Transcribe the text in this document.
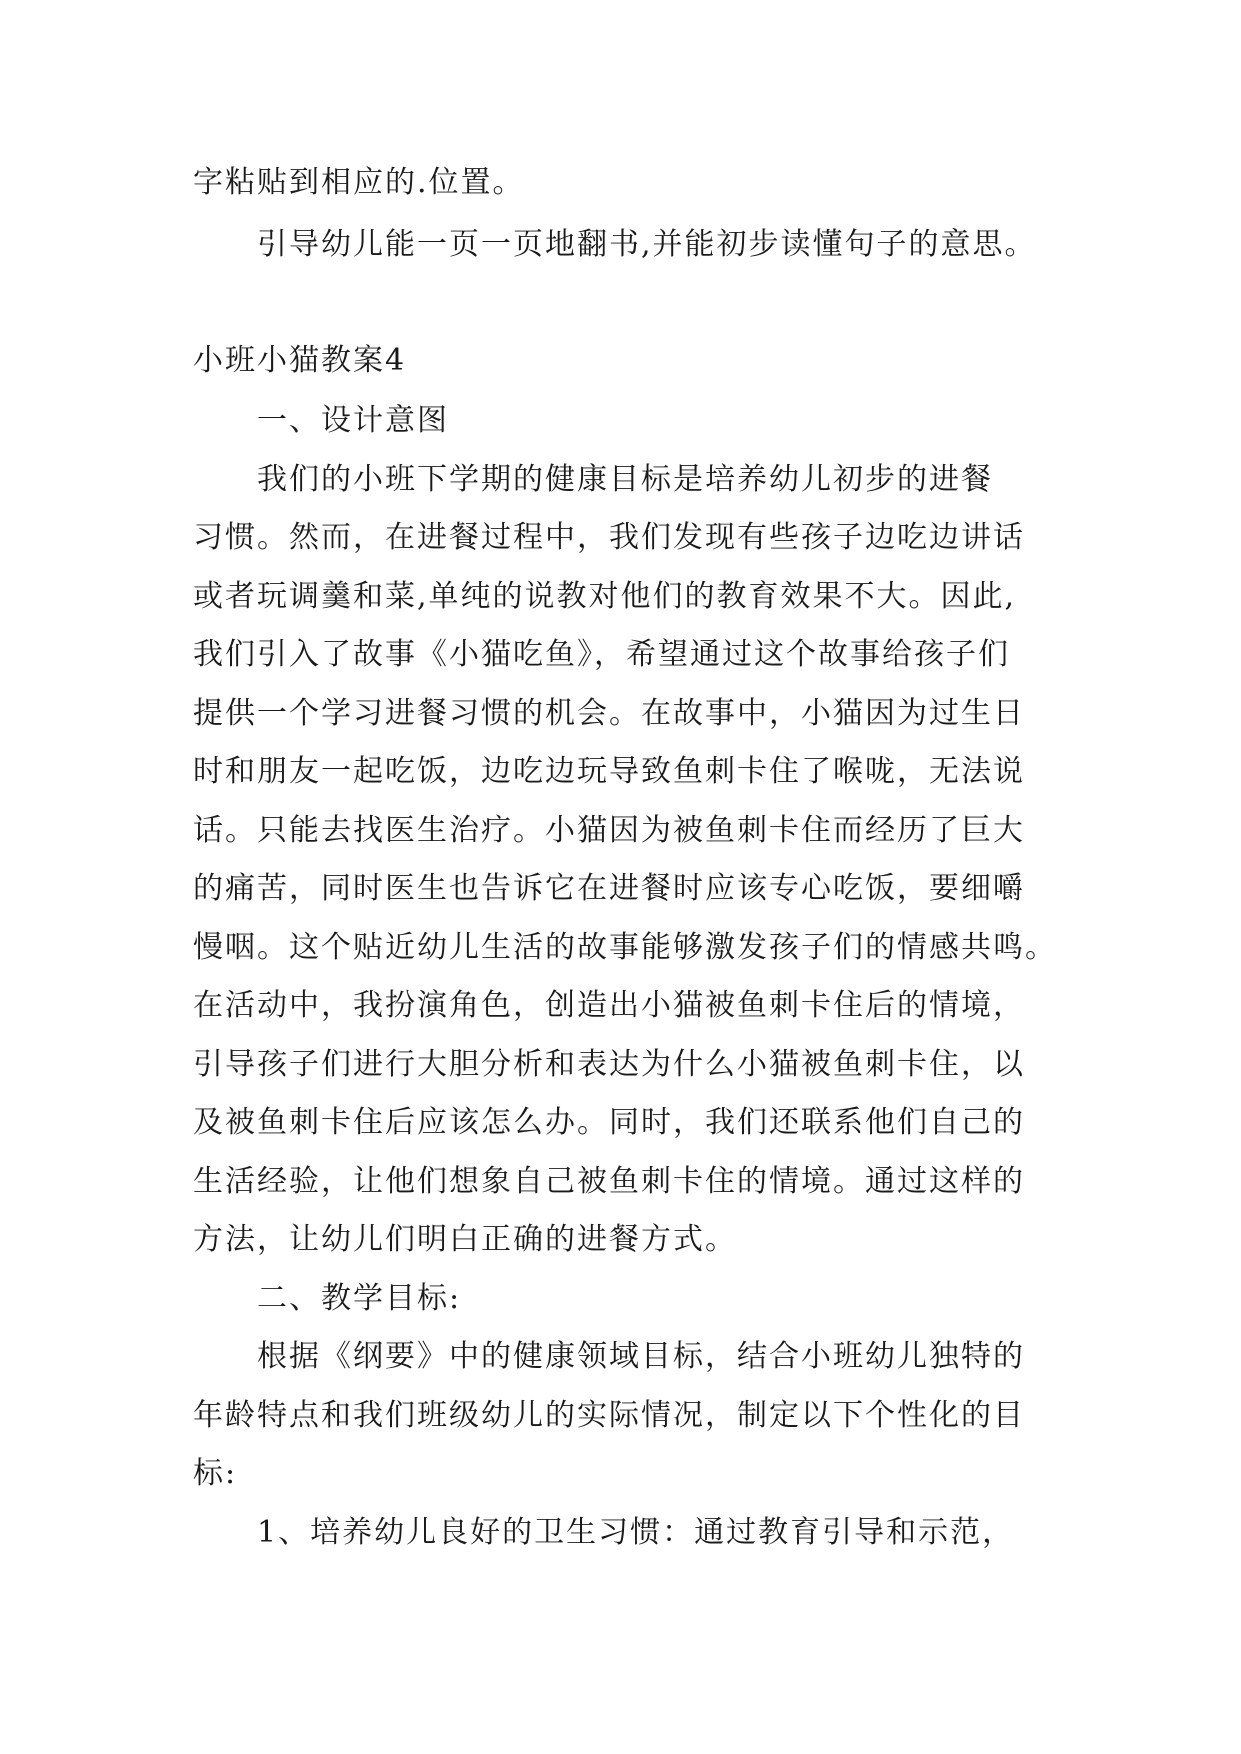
字粘贴到相应的.位置。
引导幼儿能一页一页地翻书,并能初步读懂句子的意思。
小班小猫教案4
一、设计意图
我们的小班下学期的健康目标是培养幼儿初步的进餐
习惯。然而，在进餐过程中，我们发现有些孩子边吃边讲话
或者玩调羹和菜,单纯的说教对他们的教育效果不大。因此,
我们引入了故事《小猫吃鱼》，希望通过这个故事给孩子们
提供一个学习进餐习惯的机会。在故事中，小猫因为过生日
时和朋友一起吃饭，边吃边玩导致鱼刺卡住了喉咙，无法说
话。只能去找医生治疗。小猫因为被鱼刺卡住而经历了巨大
的痛苦，同时医生也告诉它在进餐时应该专心吃饭，要细嚼
慢咽。这个贴近幼儿生活的故事能够激发孩子们的情感共鸣。
在活动中，我扮演角色，创造出小猫被鱼刺卡住后的情境，
引导孩子们进行大胆分析和表达为什么小猫被鱼刺卡住，以
及被鱼刺卡住后应该怎么办。同时，我们还联系他们自己的
生活经验，让他们想象自己被鱼刺卡住的情境。通过这样的
方法，让幼儿们明白正确的进餐方式。
二、教学目标:
根据《纲要》中的健康领域目标，结合小班幼儿独特的
年龄特点和我们班级幼儿的实际情况，制定以下个性化的目
标:
1、培养幼儿良好的卫生习惯：通过教育引导和示范，
